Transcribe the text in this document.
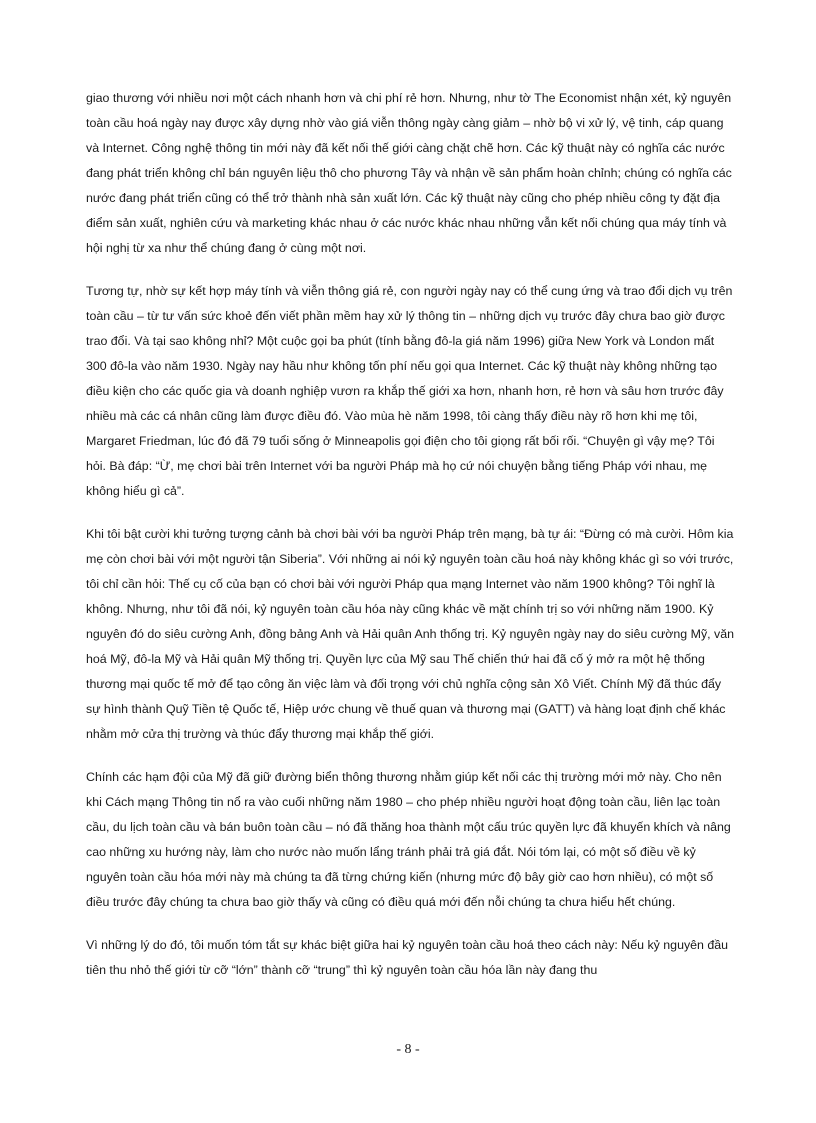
giao thương với nhiều nơi một cách nhanh hơn và chi phí rẻ hơn. Nhưng, như tờ The Economist nhận xét, kỷ nguyên toàn cầu hoá ngày nay được xây dựng nhờ vào giá viễn thông ngày càng giảm – nhờ bộ vi xử lý, vệ tinh, cáp quang và Internet. Công nghệ thông tin mới này đã kết nối thế giới càng chặt chẽ hơn. Các kỹ thuật này có nghĩa các nước đang phát triển không chỉ bán nguyên liệu thô cho phương Tây và nhận về sản phẩm hoàn chỉnh; chúng có nghĩa các nước đang phát triển cũng có thể trở thành nhà sản xuất lớn. Các kỹ thuật này cũng cho phép nhiều công ty đặt địa điểm sản xuất, nghiên cứu và marketing khác nhau ở các nước khác nhau những vẫn kết nối chúng qua máy tính và hội nghị từ xa như thể chúng đang ở cùng một nơi.

Tương tự, nhờ sự kết hợp máy tính và viễn thông giá rẻ, con người ngày nay có thể cung ứng và trao đổi dịch vụ trên toàn cầu – từ tư vấn sức khoẻ đến viết phần mềm hay xử lý thông tin – những dịch vụ trước đây chưa bao giờ được trao đổi. Và tại sao không nhỉ? Một cuộc gọi ba phút (tính bằng đô-la giá năm 1996) giữa New York và London mất 300 đô-la vào năm 1930. Ngày nay hầu như không tốn phí nếu gọi qua Internet. Các kỹ thuật này không những tạo điều kiện cho các quốc gia và doanh nghiệp vươn ra khắp thế giới xa hơn, nhanh hơn, rẻ hơn và sâu hơn trước đây nhiều mà các cá nhân cũng làm được điều đó. Vào mùa hè năm 1998, tôi càng thấy điều này rõ hơn khi mẹ tôi, Margaret Friedman, lúc đó đã 79 tuổi sống ở Minneapolis gọi điện cho tôi giọng rất bối rối. “Chuyện gì vậy mẹ? Tôi hỏi. Bà đáp: “Ừ, mẹ chơi bài trên Internet với ba người Pháp mà họ cứ nói chuyện bằng tiếng Pháp với nhau, mẹ không hiểu gì cả”.

Khi tôi bật cười khi tưởng tượng cảnh bà chơi bài với ba người Pháp trên mạng, bà tự ái: “Đừng có mà cười. Hôm kia mẹ còn chơi bài với một người tận Siberia”. Với những ai nói kỷ nguyên toàn cầu hoá này không khác gì so với trước, tôi chỉ cần hỏi: Thế cụ cố của bạn có chơi bài với người Pháp qua mạng Internet vào năm 1900 không? Tôi nghĩ là không. Nhưng, như tôi đã nói, kỷ nguyên toàn cầu hóa này cũng khác về mặt chính trị so với những năm 1900. Kỷ nguyên đó do siêu cường Anh, đồng bảng Anh và Hải quân Anh thống trị. Kỷ nguyên ngày nay do siêu cường Mỹ, văn hoá Mỹ, đô-la Mỹ và Hải quân Mỹ thống trị. Quyền lực của Mỹ sau Thế chiến thứ hai đã cố ý mở ra một hệ thống thương mại quốc tế mở để tạo công ăn việc làm và đối trọng với chủ nghĩa cộng sản Xô Viết. Chính Mỹ đã thúc đẩy sự hình thành Quỹ Tiền tệ Quốc tế, Hiệp ước chung về thuế quan và thương mại (GATT) và hàng loạt định chế khác nhằm mở cửa thị trường và thúc đẩy thương mại khắp thế giới.

Chính các hạm đội của Mỹ đã giữ đường biển thông thương nhằm giúp kết nối các thị trường mới mở này. Cho nên khi Cách mạng Thông tin nổ ra vào cuối những năm 1980 – cho phép nhiều người hoạt động toàn cầu, liên lạc toàn cầu, du lịch toàn cầu và bán buôn toàn cầu – nó đã thăng hoa thành một cấu trúc quyền lực đã khuyến khích và nâng cao những xu hướng này, làm cho nước nào muốn lẩng tránh phải trả giá đắt. Nói tóm lại, có một số điều về kỷ nguyên toàn cầu hóa mới này mà chúng ta đã từng chứng kiến (nhưng mức độ bây giờ cao hơn nhiều), có một số điều trước đây chúng ta chưa bao giờ thấy và cũng có điều quá mới đến nỗi chúng ta chưa hiểu hết chúng.

Vì những lý do đó, tôi muốn tóm tắt sự khác biệt giữa hai kỷ nguyên toàn cầu hoá theo cách này: Nếu kỷ nguyên đầu tiên thu nhỏ thế giới từ cỡ “lớn” thành cỡ “trung” thì kỷ nguyên toàn cầu hóa lần này đang thu

- 8 -
